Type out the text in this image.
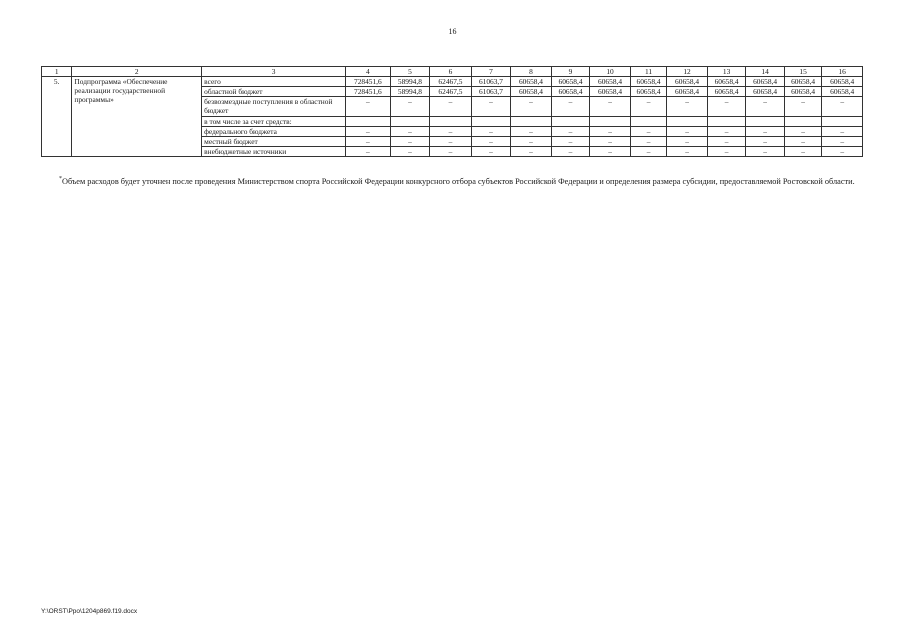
16
1	2	3	4	5	6	7	8	9	10	11	12	13	14	15	16
5.	Подпрограмма «Обеспечение реализации государственной программы»	всего	728451,6	58994,8	62467,5	61063,7	60658,4	60658,4	60658,4	60658,4	60658,4	60658,4	60658,4	60658,4	60658,4
		областной бюджет	728451,6	58994,8	62467,5	61063,7	60658,4	60658,4	60658,4	60658,4	60658,4	60658,4	60658,4	60658,4	60658,4
		безвозмездные поступления в областной бюджет	–	–	–	–	–	–	–	–	–	–	–	–	–
		в том числе за счет средств:													
		федерального бюджета	–	–	–	–	–	–	–	–	–	–	–	–	–
		местный бюджет	–	–	–	–	–	–	–	–	–	–	–	–	–
		внебюджетные источники	–	–	–	–	–	–	–	–	–	–	–	–	–
*Объем расходов будет уточнен после проведения Министерством спорта Российской Федерации конкурсного отбора субъектов Российской Федерации и определения размера субсидии, предоставляемой Ростовской области.
Y:\ORST\Ppo\1204p869.f19.docx
